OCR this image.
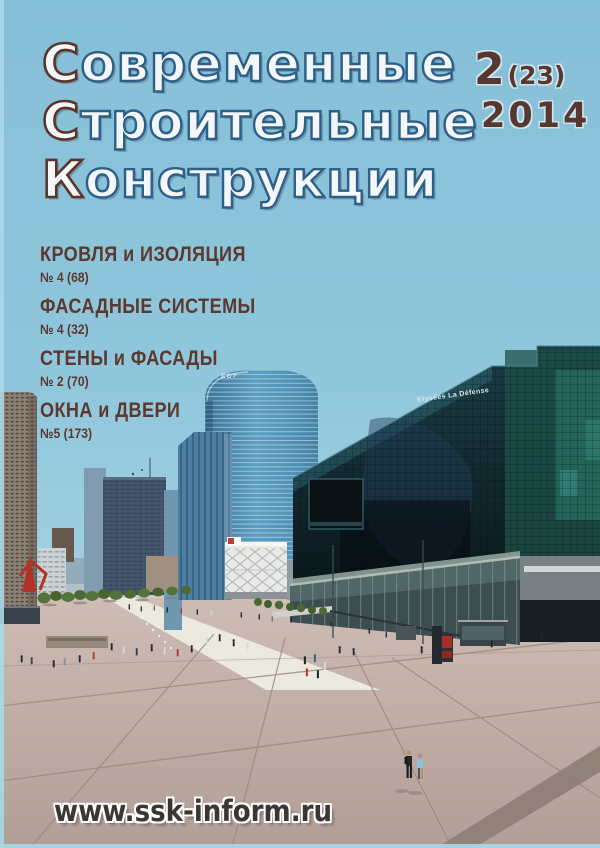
Современные
Строительные
Конструкции
2 (23)
2014
КРОВЛЯ и ИЗОЛЯЦИЯ
№ 4 (68)
ФАСАДНЫЕ СИСТЕМЫ
№ 4 (32)
СТЕНЫ и ФАСАДЫ
№ 2 (70)
ОКНА и ДВЕРИ
№5 (173)
EDF
Elysées La Défense
www.ssk-inform.ru
